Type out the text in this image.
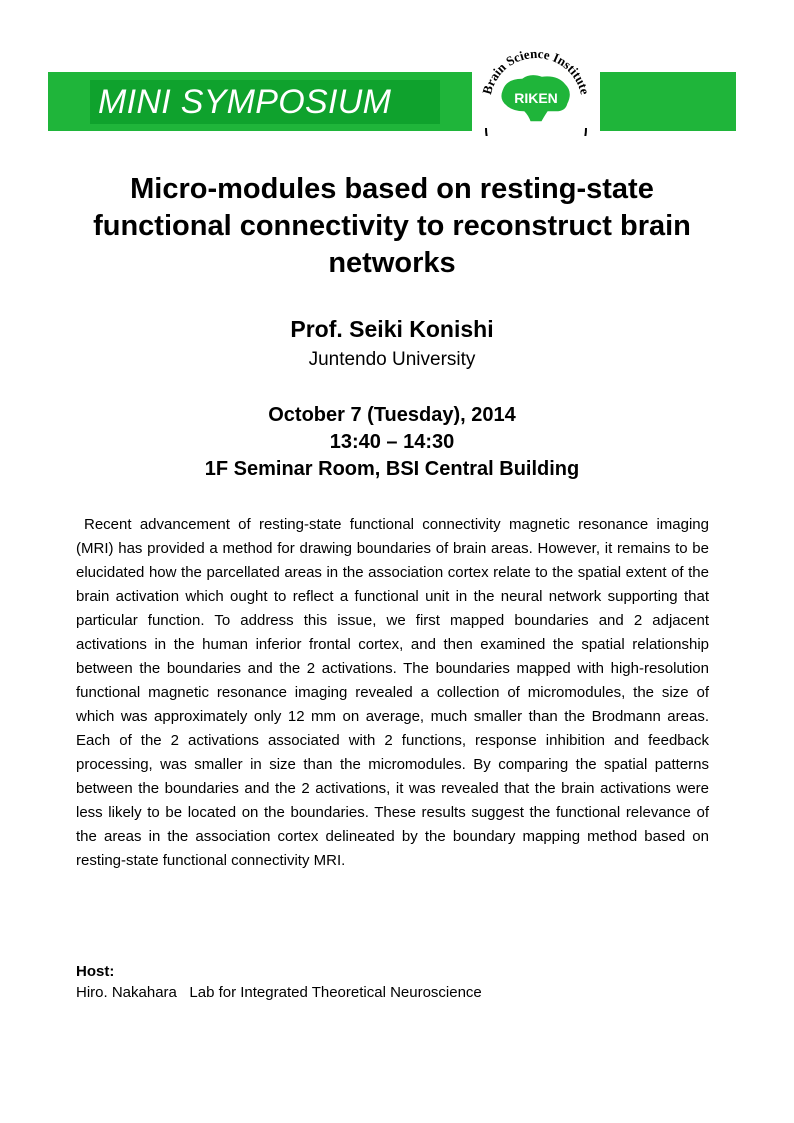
MINI SYMPOSIUM	Brain Science Institute
RIKEN
Micro-modules based on resting-state functional connectivity to reconstruct brain networks
Prof. Seiki Konishi
Juntendo University
October 7 (Tuesday), 2014
13:40 – 14:30
1F Seminar Room, BSI Central Building

Recent advancement of resting-state functional connectivity magnetic resonance imaging (MRI) has provided a method for drawing boundaries of brain areas. However, it remains to be elucidated how the parcellated areas in the association cortex relate to the spatial extent of the brain activation which ought to reflect a functional unit in the neural network supporting that particular function. To address this issue, we first mapped boundaries and 2 adjacent activations in the human inferior frontal cortex, and then examined the spatial relationship between the boundaries and the 2 activations. The boundaries mapped with high-resolution functional magnetic resonance imaging revealed a collection of micromodules, the size of which was approximately only 12 mm on average, much smaller than the Brodmann areas. Each of the 2 activations associated with 2 functions, response inhibition and feedback processing, was smaller in size than the micromodules. By comparing the spatial patterns between the boundaries and the 2 activations, it was revealed that the brain activations were less likely to be located on the boundaries. These results suggest the functional relevance of the areas in the association cortex delineated by the boundary mapping method based on resting-state functional connectivity MRI.

Host:
Hiro. Nakahara   Lab for Integrated Theoretical Neuroscience
